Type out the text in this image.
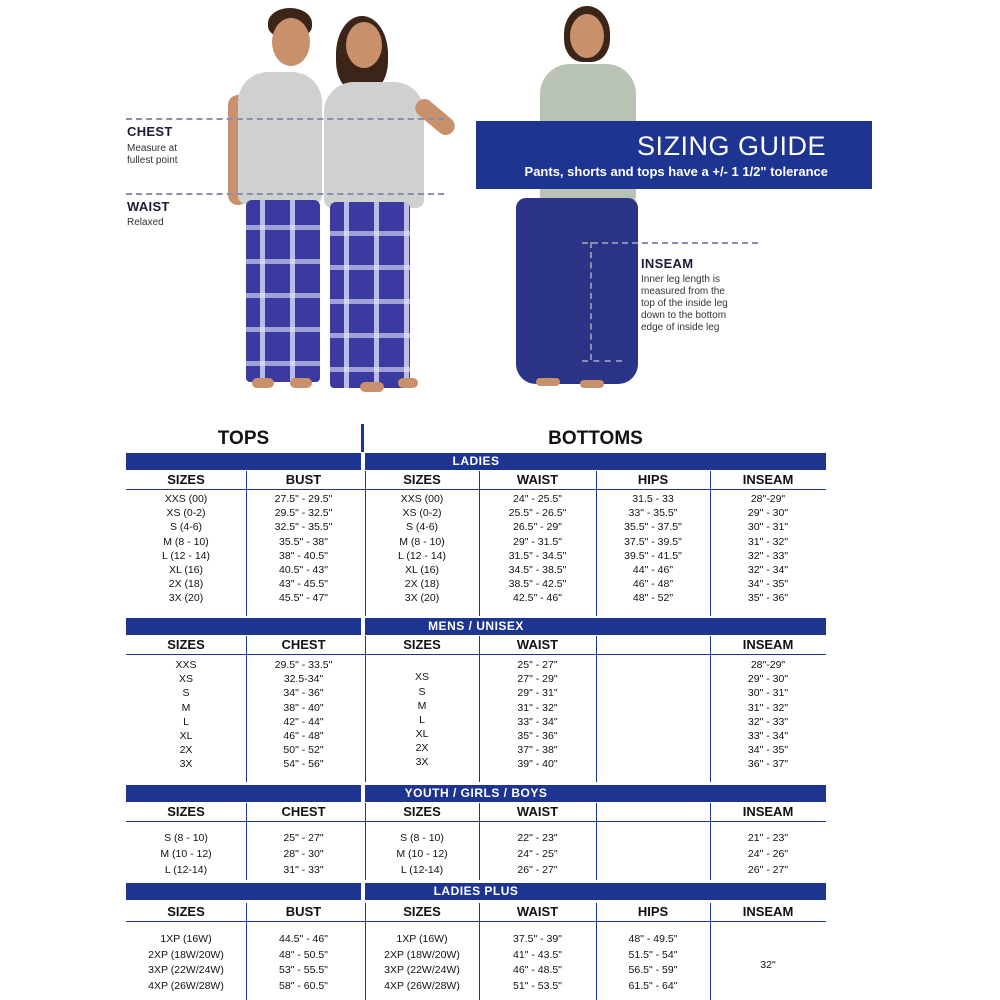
CHEST
Measure at
fullest point
WAIST
Relaxed
INSEAM
Inner leg length is
measured from the
top of the inside leg
down to the bottom
edge of inside leg
SIZING GUIDE
Pants, shorts and tops have a +/- 1 1/2" tolerance
TOPS	BOTTOMS
LADIES
SIZES
XXS (00)
XS (0-2)
S (4-6)
M (8 - 10)
L (12 - 14)
XL (16)
2X (18)
3X (20)
BUST
27.5" - 29.5"
29.5" - 32.5"
32.5" - 35.5"
35.5" - 38"
38" - 40.5"
40.5" - 43"
43" - 45.5"
45.5" - 47"
SIZES
XXS (00)
XS (0-2)
S (4-6)
M (8 - 10)
L (12 - 14)
XL (16)
2X (18)
3X (20)
WAIST
24" - 25.5"
25.5" - 26.5"
26.5" - 29"
29" - 31.5"
31.5" - 34.5"
34.5" - 38.5"
38.5" - 42.5"
42.5" - 46"
HIPS
31.5 - 33
33" - 35.5"
35.5" - 37.5"
37.5" - 39.5"
39.5" - 41.5"
44" - 46"
46" - 48"
48" - 52"
INSEAM
28"-29"
29" - 30"
30" - 31"
31" - 32"
32" - 33"
32" - 34"
34" - 35"
35" - 36"
MENS / UNISEX
SIZES
XXS
XS
S
M
L
XL
2X
3X
CHEST
29.5" - 33.5"
32.5-34"
34" - 36"
38" - 40"
42" - 44"
46" - 48"
50" - 52"
54" - 56"
SIZES
XS
S
M
L
XL
2X
3X
WAIST
25" - 27"
27" - 29"
29" - 31"
31" - 32"
33" - 34"
35" - 36"
37" - 38"
39" - 40"
INSEAM
28"-29"
29" - 30"
30" - 31"
31" - 32"
32" - 33"
33" - 34"
34" - 35"
36" - 37"
YOUTH / GIRLS / BOYS
SIZES
S (8 - 10)
M (10 - 12)
L (12-14)
CHEST
25" - 27"
28" - 30"
31" - 33"
SIZES
S (8 - 10)
M (10 - 12)
L (12-14)
WAIST
22" - 23"
24" - 25"
26" - 27"
INSEAM
21" - 23"
24" - 26"
26" - 27"
LADIES PLUS
SIZES
1XP (16W)
2XP (18W/20W)
3XP (22W/24W)
4XP (26W/28W)
BUST
44.5" - 46"
48" - 50.5"
53" - 55.5"
58" - 60.5"
SIZES
1XP (16W)
2XP (18W/20W)
3XP (22W/24W)
4XP (26W/28W)
WAIST
37.5" - 39"
41" - 43.5"
46" - 48.5"
51" - 53.5"
HIPS
48" - 49.5"
51.5" - 54"
56.5" - 59"
61.5" - 64"
INSEAM
32"
